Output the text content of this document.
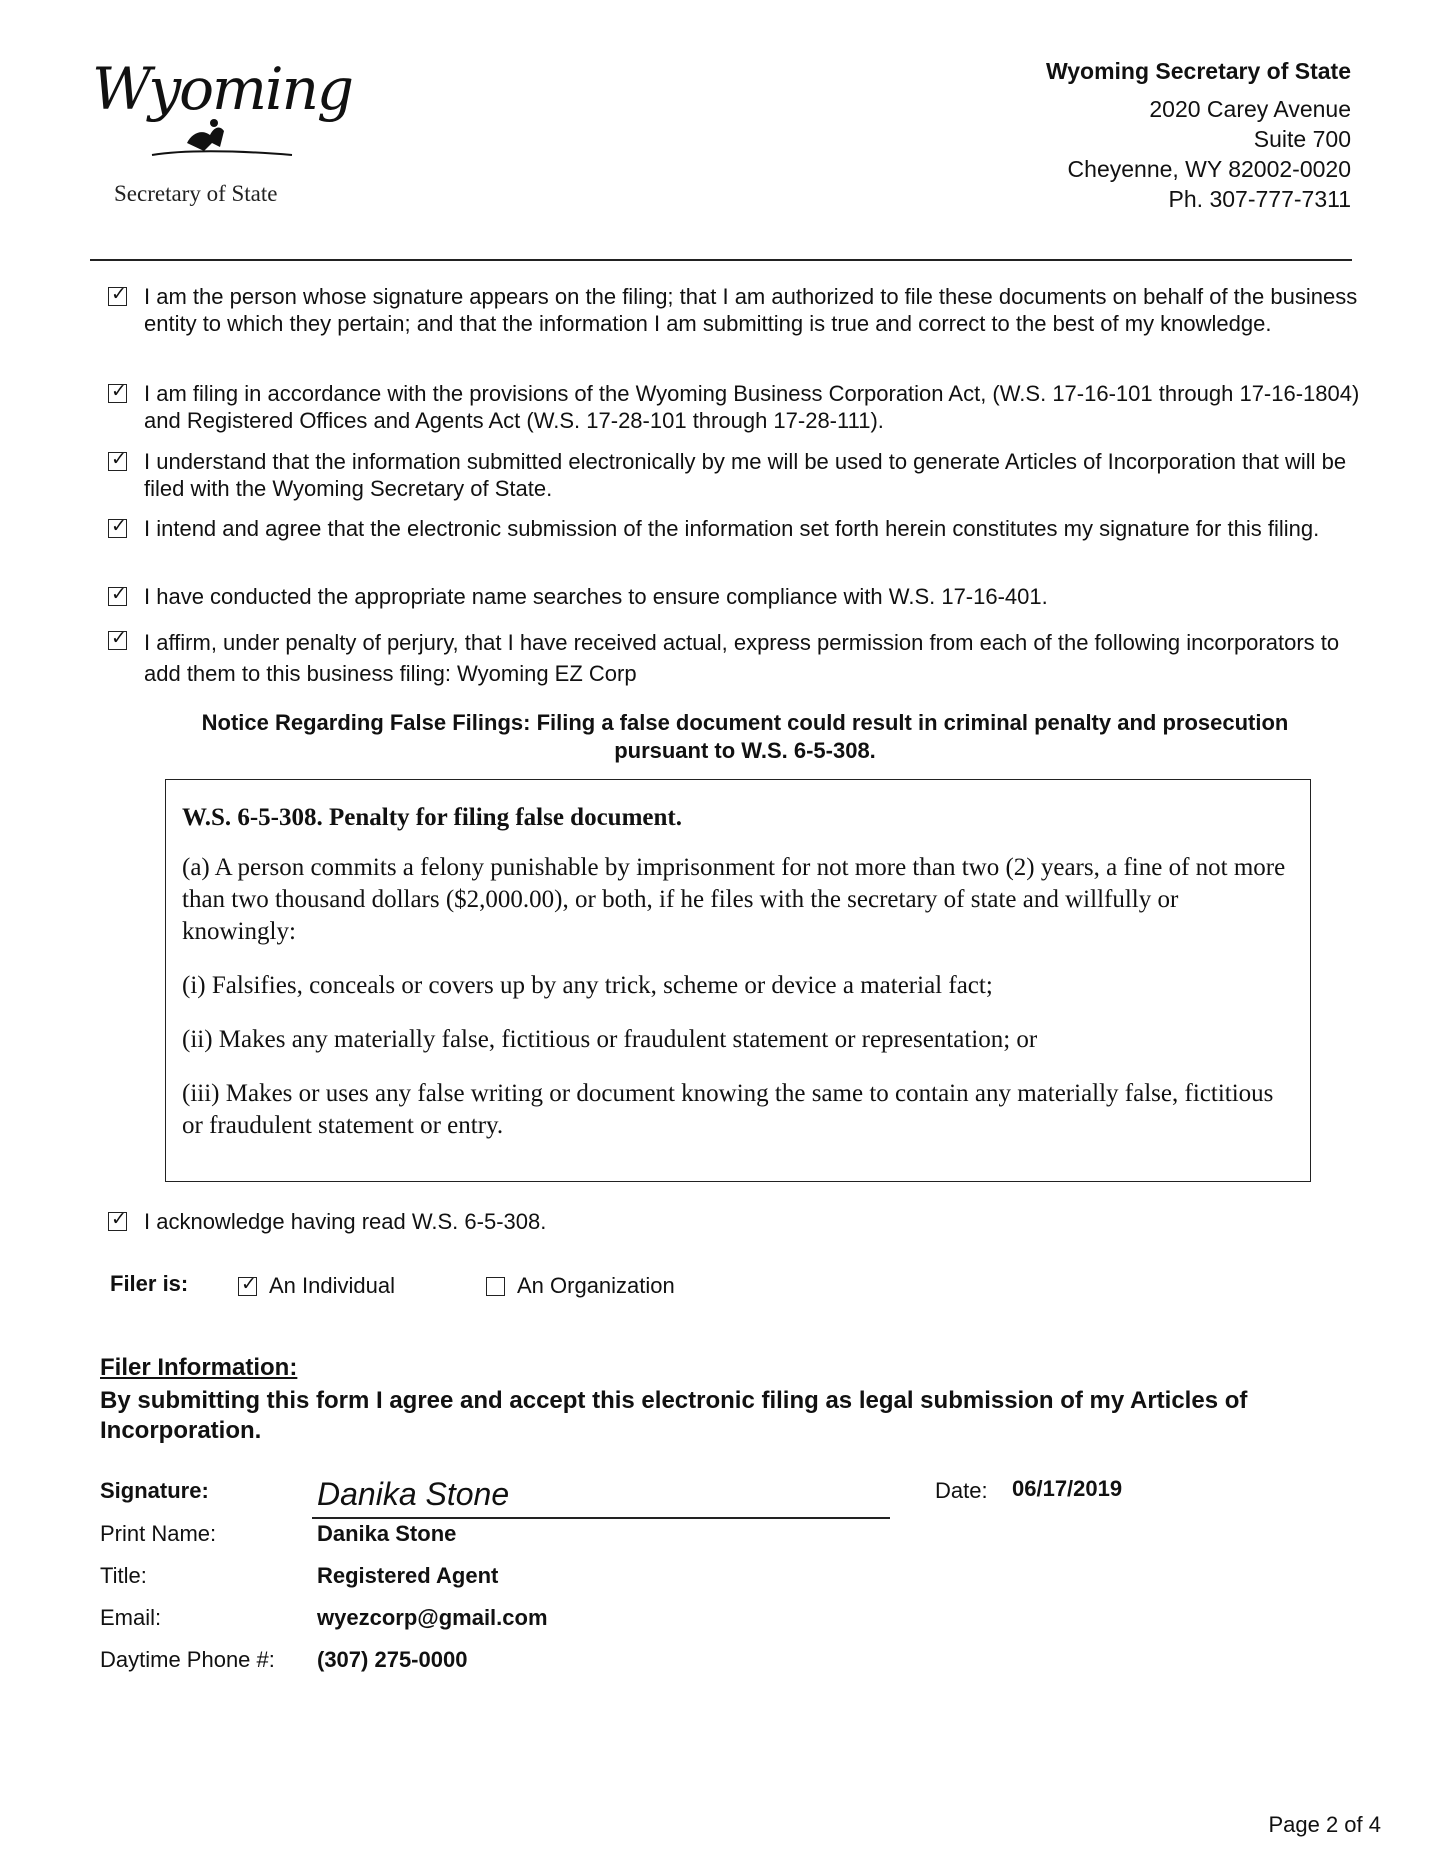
Wyoming
Secretary of State
Wyoming Secretary of State
2020 Carey Avenue
Suite 700
Cheyenne, WY 82002-0020
Ph. 307-777-7311
✓ I am the person whose signature appears on the filing; that I am authorized to file these documents on behalf of the business entity to which they pertain; and that the information I am submitting is true and correct to the best of my knowledge.
✓ I am filing in accordance with the provisions of the Wyoming Business Corporation Act, (W.S. 17-16-101 through 17-16-1804) and Registered Offices and Agents Act (W.S. 17-28-101 through 17-28-111).
✓ I understand that the information submitted electronically by me will be used to generate Articles of Incorporation that will be filed with the Wyoming Secretary of State.
✓ I intend and agree that the electronic submission of the information set forth herein constitutes my signature for this filing.
✓ I have conducted the appropriate name searches to ensure compliance with W.S. 17-16-401.
✓ I affirm, under penalty of perjury, that I have received actual, express permission from each of the following incorporators to add them to this business filing: Wyoming EZ Corp
Notice Regarding False Filings: Filing a false document could result in criminal penalty and prosecution pursuant to W.S. 6-5-308.
W.S. 6-5-308. Penalty for filing false document.

(a) A person commits a felony punishable by imprisonment for not more than two (2) years, a fine of not more than two thousand dollars ($2,000.00), or both, if he files with the secretary of state and willfully or knowingly:

(i) Falsifies, conceals or covers up by any trick, scheme or device a material fact;

(ii) Makes any materially false, fictitious or fraudulent statement or representation; or

(iii) Makes or uses any false writing or document knowing the same to contain any materially false, fictitious or fraudulent statement or entry.

✓ I acknowledge having read W.S. 6-5-308.
Filer is:	✓ An Individual	An Organization
Filer Information:
By submitting this form I agree and accept this electronic filing as legal submission of my Articles of Incorporation.
Signature:	Danika Stone	Date: 06/17/2019
Print Name:	Danika Stone
Title:	Registered Agent
Email:	wyezcorp@gmail.com
Daytime Phone #: (307) 275-0000
Page 2 of 4
